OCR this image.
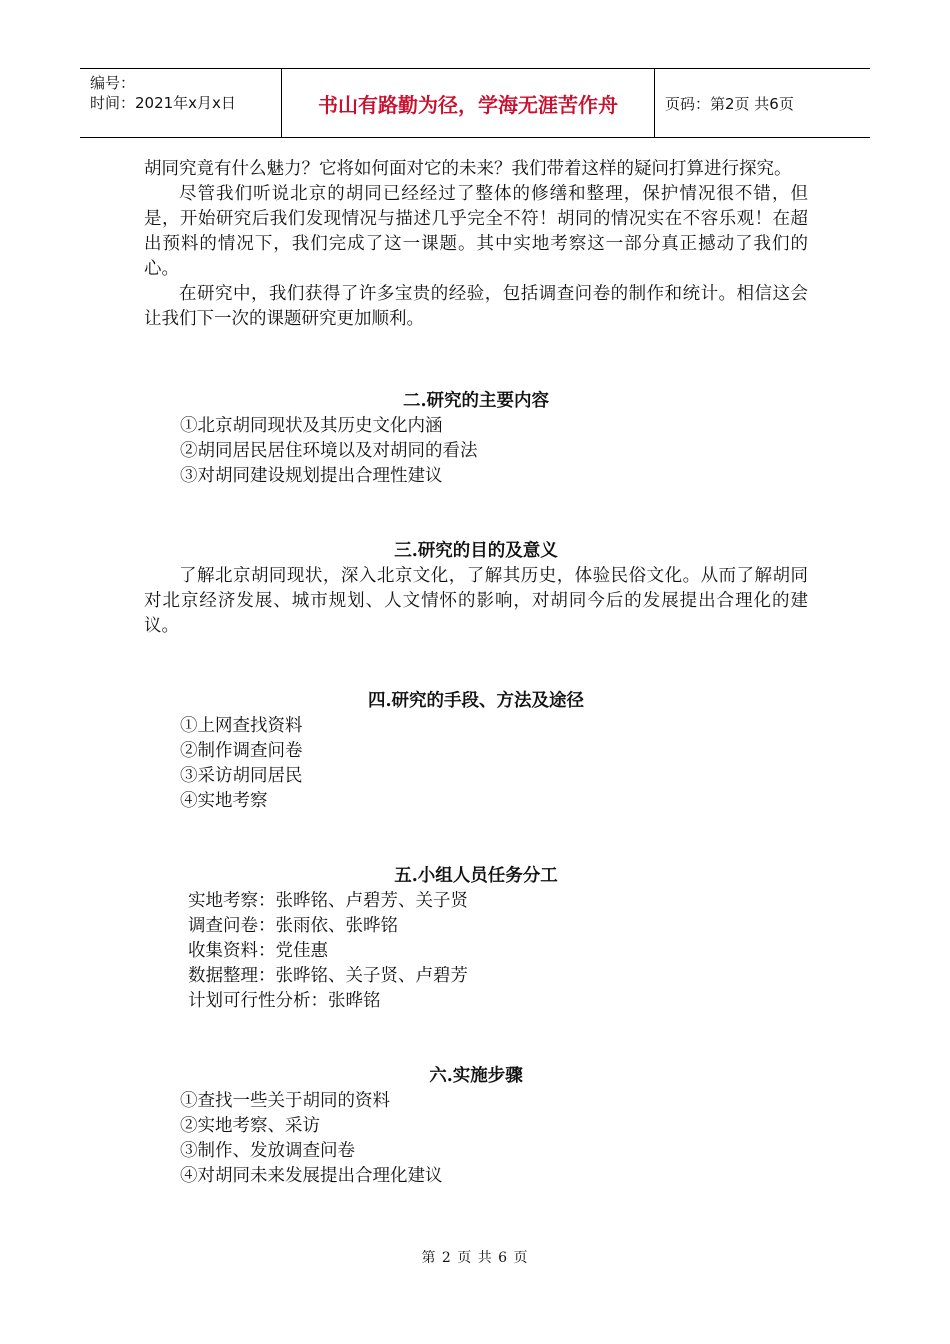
编号：
时间：2021年x月x日	书山有路勤为径，学海无涯苦作舟	页码：第2页 共6页

胡同究竟有什么魅力？它将如何面对它的未来？我们带着这样的疑问打算进行探究。

尽管我们听说北京的胡同已经经过了整体的修缮和整理，保护情况很不错，但是，开始研究后我们发现情况与描述几乎完全不符！胡同的情况实在不容乐观！在超出预料的情况下，我们完成了这一课题。其中实地考察这一部分真正撼动了我们的心。

在研究中，我们获得了许多宝贵的经验，包括调查问卷的制作和统计。相信这会让我们下一次的课题研究更加顺利。

二.研究的主要内容
①北京胡同现状及其历史文化内涵
②胡同居民居住环境以及对胡同的看法
③对胡同建设规划提出合理性建议
三.研究的目的及意义

了解北京胡同现状，深入北京文化，了解其历史，体验民俗文化。从而了解胡同对北京经济发展、城市规划、人文情怀的影响，对胡同今后的发展提出合理化的建议。

四.研究的手段、方法及途径
①上网查找资料
②制作调查问卷
③采访胡同居民
④实地考察
五.小组人员任务分工
实地考察：张晔铭、卢碧芳、关子贤
调查问卷：张雨依、张晔铭
收集资料：党佳惠
数据整理：张晔铭、关子贤、卢碧芳
计划可行性分析：张晔铭
六.实施步骤
①查找一些关于胡同的资料
②实地考察、采访
③制作、发放调查问卷
④对胡同未来发展提出合理化建议
第 2 页 共 6 页
